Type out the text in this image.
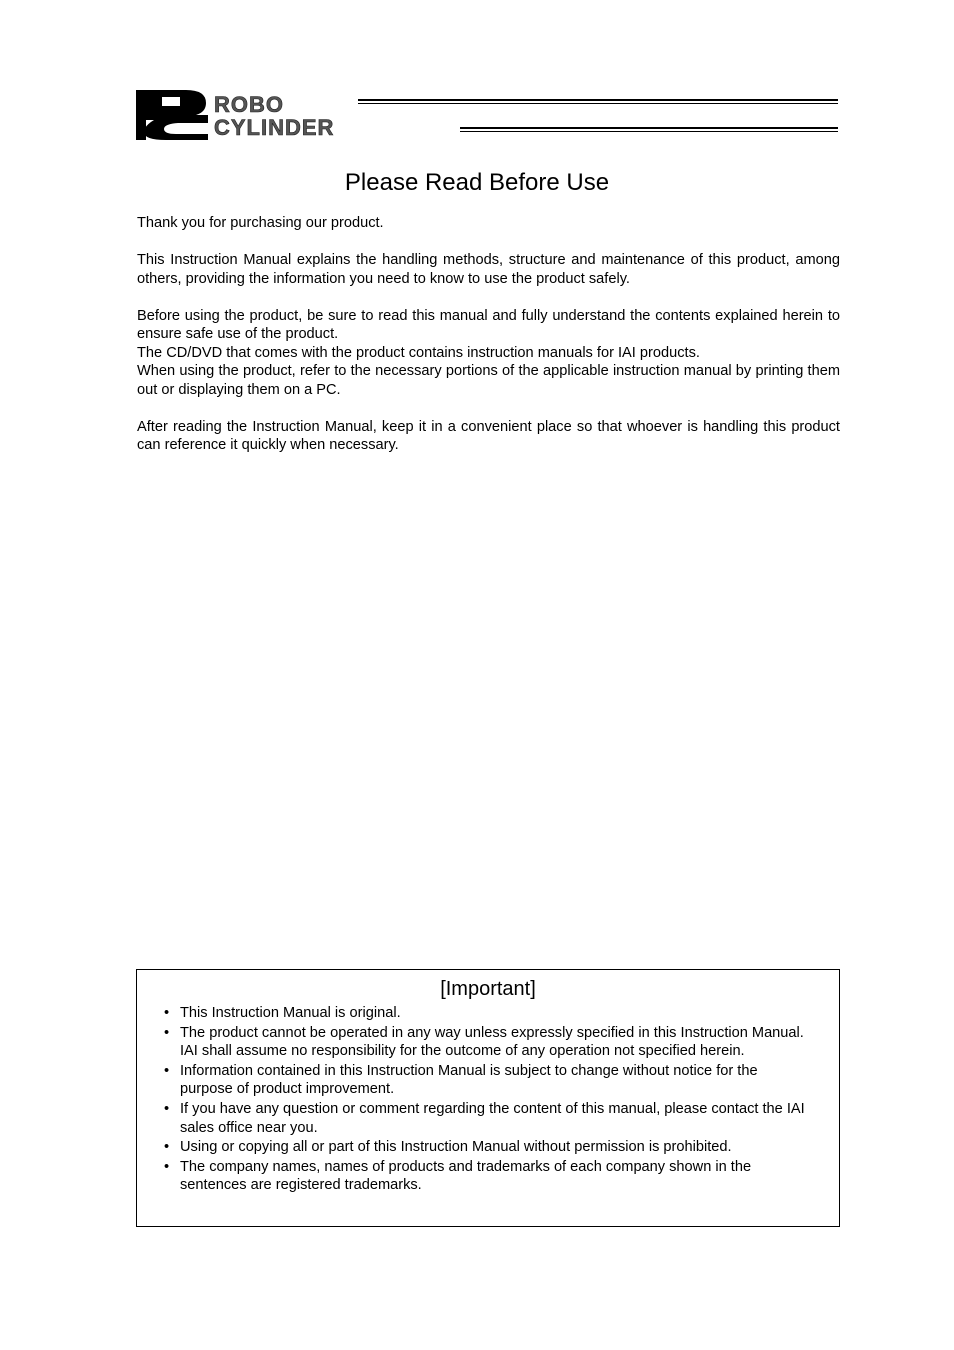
ROBO
CYLINDER
Please Read Before Use

Thank you for purchasing our product.

This Instruction Manual explains the handling methods, structure and maintenance of this product, among others, providing the information you need to know to use the product safely.

Before using the product, be sure to read this manual and fully understand the contents explained herein to ensure safe use of the product.

The CD/DVD that comes with the product contains instruction manuals for IAI products.

When using the product, refer to the necessary portions of the applicable instruction manual by printing them out or displaying them on a PC.

After reading the Instruction Manual, keep it in a convenient place so that whoever is handling this product can reference it quickly when necessary.

[Important]
• This Instruction Manual is original.
• The product cannot be operated in any way unless expressly specified in this Instruction Manual. IAI shall assume no responsibility for the outcome of any operation not specified herein.
• Information contained in this Instruction Manual is subject to change without notice for the purpose of product improvement.
• If you have any question or comment regarding the content of this manual, please contact the IAI sales office near you.
• Using or copying all or part of this Instruction Manual without permission is prohibited.
• The company names, names of products and trademarks of each company shown in the sentences are registered trademarks.
